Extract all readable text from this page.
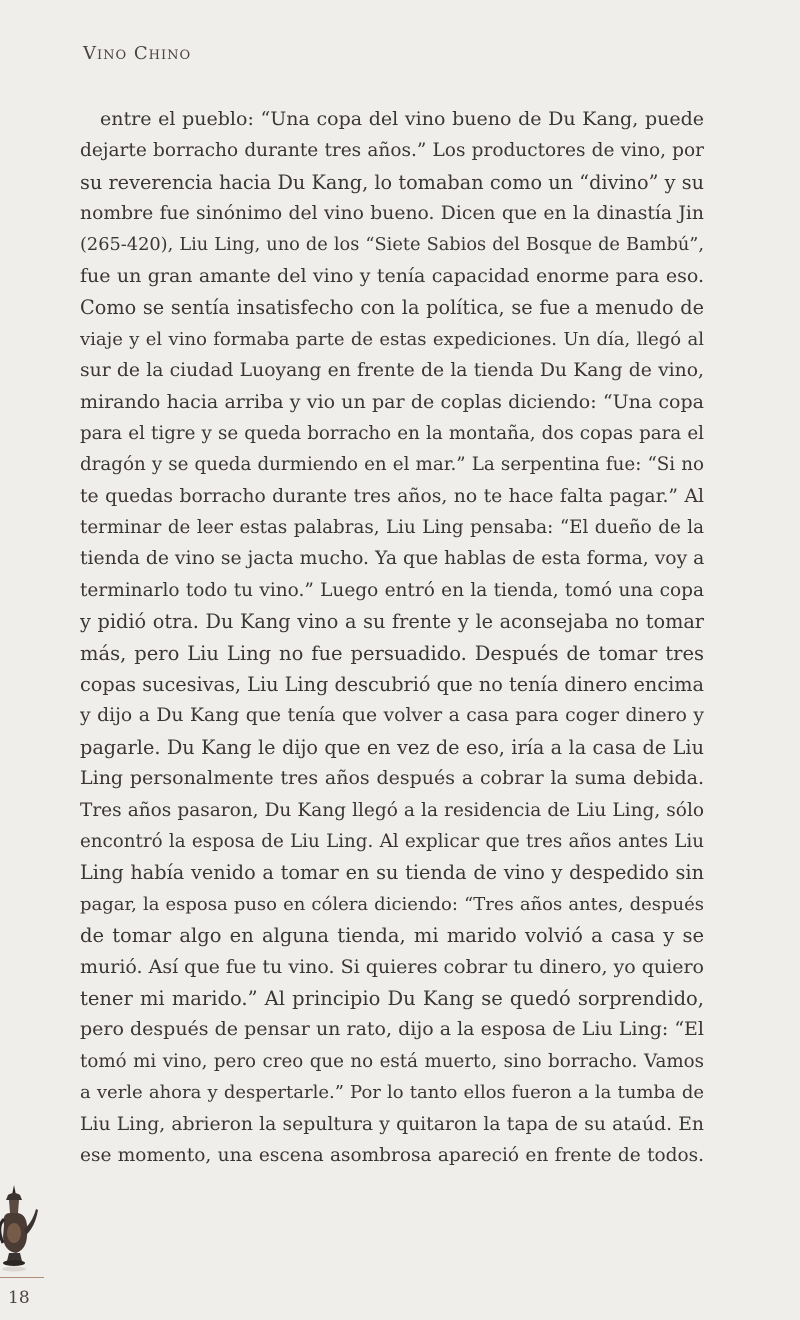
Vino Chino
entre el pueblo: “Una copa del vino bueno de Du Kang, puede
dejarte borracho durante tres años.” Los productores de vino, por
su reverencia hacia Du Kang, lo tomaban como un “divino” y su
nombre fue sinónimo del vino bueno. Dicen que en la dinastía Jin
(265-420), Liu Ling, uno de los “Siete Sabios del Bosque de Bambú”,
fue un gran amante del vino y tenía capacidad enorme para eso.
Como se sentía insatisfecho con la política, se fue a menudo de
viaje y el vino formaba parte de estas expediciones. Un día, llegó al
sur de la ciudad Luoyang en frente de la tienda Du Kang de vino,
mirando hacia arriba y vio un par de coplas diciendo: “Una copa
para el tigre y se queda borracho en la montaña, dos copas para el
dragón y se queda durmiendo en el mar.” La serpentina fue: “Si no
te quedas borracho durante tres años, no te hace falta pagar.” Al
terminar de leer estas palabras, Liu Ling pensaba: “El dueño de la
tienda de vino se jacta mucho. Ya que hablas de esta forma, voy a
terminarlo todo tu vino.” Luego entró en la tienda, tomó una copa
y pidió otra. Du Kang vino a su frente y le aconsejaba no tomar
más, pero Liu Ling no fue persuadido. Después de tomar tres
copas sucesivas, Liu Ling descubrió que no tenía dinero encima
y dijo a Du Kang que tenía que volver a casa para coger dinero y
pagarle. Du Kang le dijo que en vez de eso, iría a la casa de Liu
Ling personalmente tres años después a cobrar la suma debida.
Tres años pasaron, Du Kang llegó a la residencia de Liu Ling, sólo
encontró la esposa de Liu Ling. Al explicar que tres años antes Liu
Ling había venido a tomar en su tienda de vino y despedido sin
pagar, la esposa puso en cólera diciendo: “Tres años antes, después
de tomar algo en alguna tienda, mi marido volvió a casa y se
murió. Así que fue tu vino. Si quieres cobrar tu dinero, yo quiero
tener mi marido.” Al principio Du Kang se quedó sorprendido,
pero después de pensar un rato, dijo a la esposa de Liu Ling: “El
tomó mi vino, pero creo que no está muerto, sino borracho. Vamos
a verle ahora y despertarle.” Por lo tanto ellos fueron a la tumba de
Liu Ling, abrieron la sepultura y quitaron la tapa de su ataúd. En
ese momento, una escena asombrosa apareció en frente de todos.
18
